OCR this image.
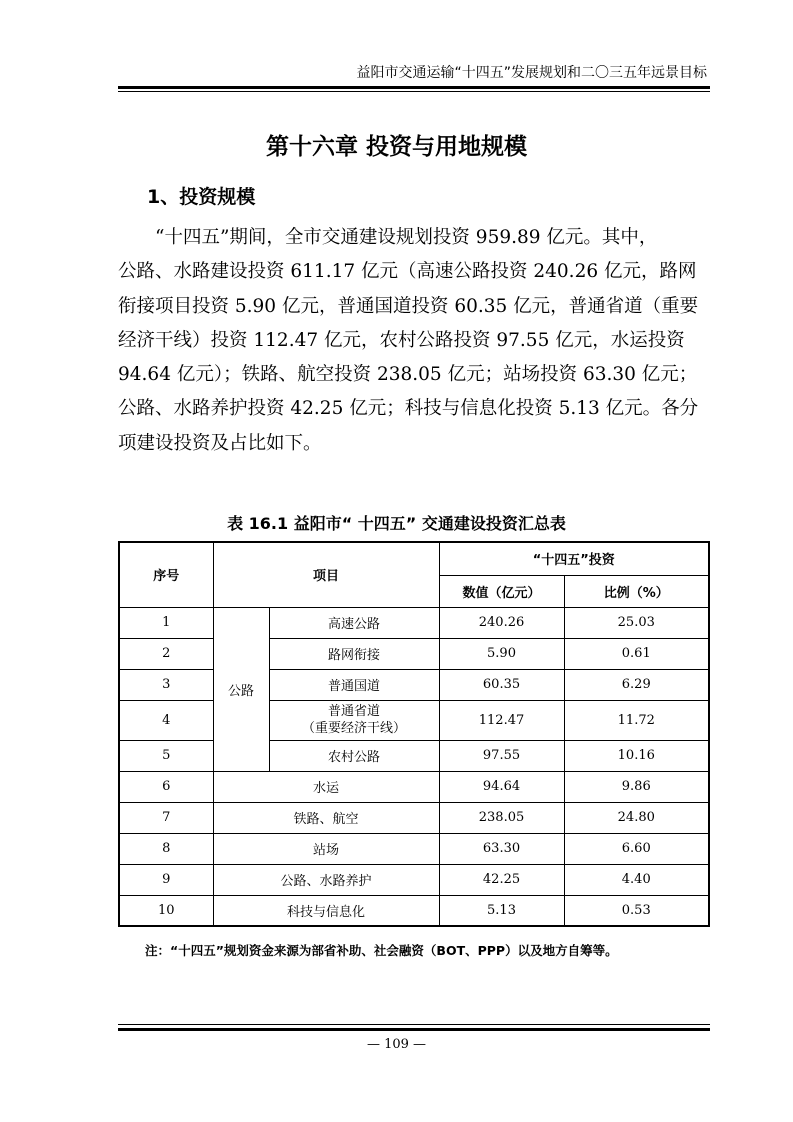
益阳市交通运输“十四五”发展规划和二〇三五年远景目标
第十六章 投资与用地规模
1、投资规模

　　“十四五”期间，全市交通建设规划投资 959.89 亿元。其中，
公路、水路建设投资 611.17 亿元（高速公路投资 240.26 亿元，路网
衔接项目投资 5.90 亿元，普通国道投资 60.35 亿元，普通省道（重要
经济干线）投资 112.47 亿元，农村公路投资 97.55 亿元，水运投资
94.64 亿元）；铁路、航空投资 238.05 亿元；站场投资 63.30 亿元；
公路、水路养护投资 42.25 亿元；科技与信息化投资 5.13 亿元。各分
项建设投资及占比如下。

表 16.1 益阳市“ 十四五” 交通建设投资汇总表
序号	项目		“十四五”投资	
			数值（亿元）	比例（%）
1	公路	高速公路	240.26	25.03
2		路网衔接	5.90	0.61
3		普通国道	60.35	6.29
4		普通省道
（重要经济干线）	112.47	11.72
5		农村公路	97.55	10.16
6	水运		94.64	9.86
7	铁路、航空		238.05	24.80
8	站场		63.30	6.60
9	公路、水路养护		42.25	4.40
10	科技与信息化		5.13	0.53
注：“十四五”规划资金来源为部省补助、社会融资（BOT、PPP）以及地方自筹等。
— 109 —
